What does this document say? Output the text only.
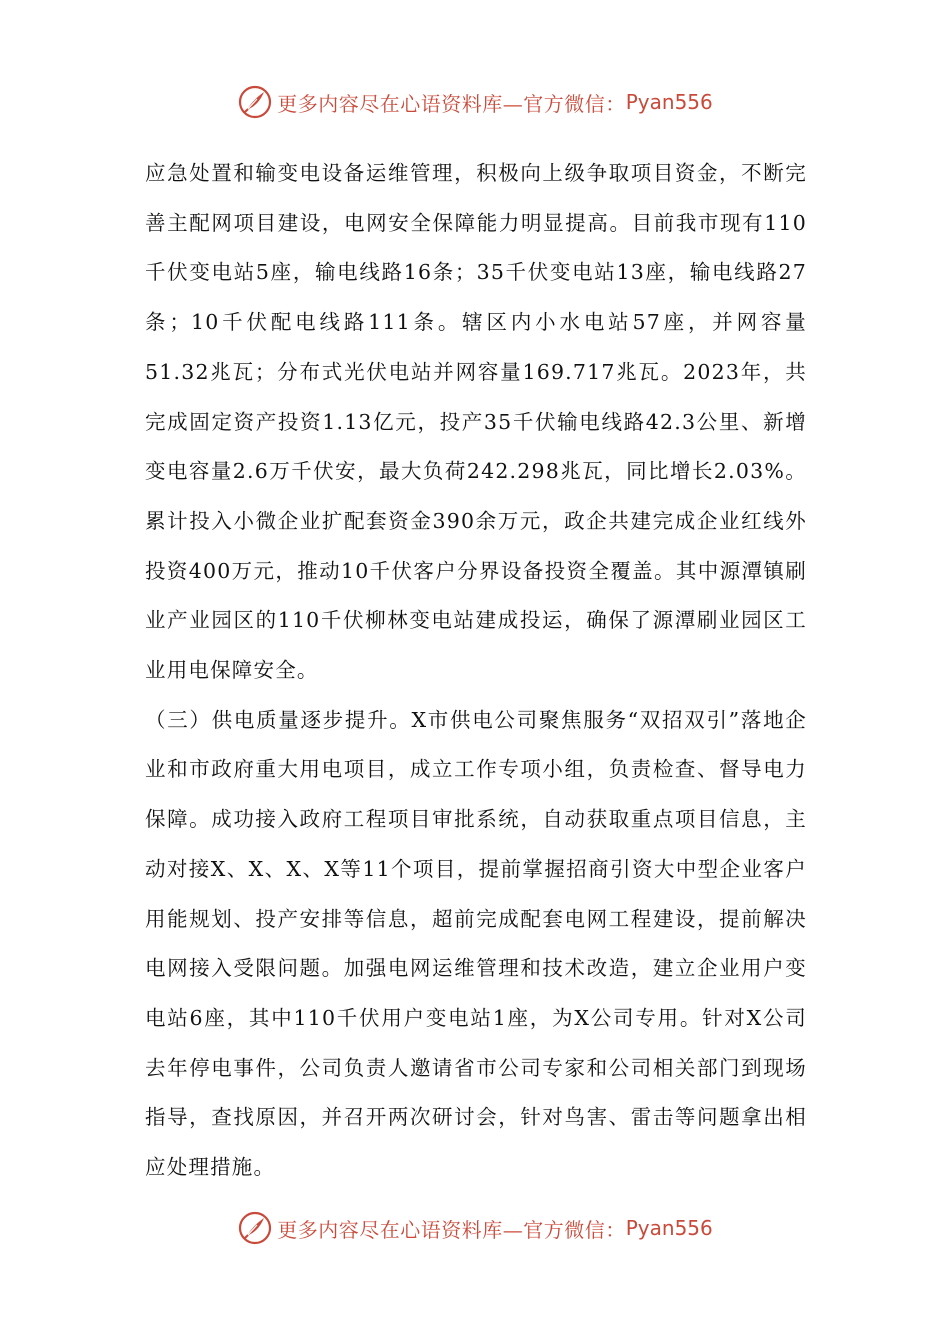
更多内容尽在心语资料库—官方微信： Pyan556

应急处置和输变电设备运维管理，积极向上级争取项目资金，不断完善主配网项目建设，电网安全保障能力明显提高。目前我市现有110千伏变电站5座，输电线路16条；35千伏变电站13座，输电线路27条；10千伏配电线路111条。辖区内小水电站57座，并网容量51.32兆瓦；分布式光伏电站并网容量169.717兆瓦。2023年，共完成固定资产投资1.13亿元，投产35千伏输电线路42.3公里、新增变电容量2.6万千伏安，最大负荷242.298兆瓦，同比增长2.03%。累计投入小微企业扩配套资金390余万元，政企共建完成企业红线外投资400万元，推动10千伏客户分界设备投资全覆盖。其中源潭镇刷业产业园区的110千伏柳林变电站建成投运，确保了源潭刷业园区工业用电保障安全。

（三）供电质量逐步提升。X市供电公司聚焦服务“双招双引”落地企业和市政府重大用电项目，成立工作专项小组，负责检查、督导电力保障。成功接入政府工程项目审批系统，自动获取重点项目信息，主动对接X、X、X、X等11个项目，提前掌握招商引资大中型企业客户用能规划、投产安排等信息，超前完成配套电网工程建设，提前解决电网接入受限问题。加强电网运维管理和技术改造，建立企业用户变电站6座，其中110千伏用户变电站1座，为X公司专用。针对X公司去年停电事件，公司负责人邀请省市公司专家和公司相关部门到现场指导，查找原因，并召开两次研讨会，针对鸟害、雷击等问题拿出相应处理措施。

更多内容尽在心语资料库—官方微信： Pyan556
